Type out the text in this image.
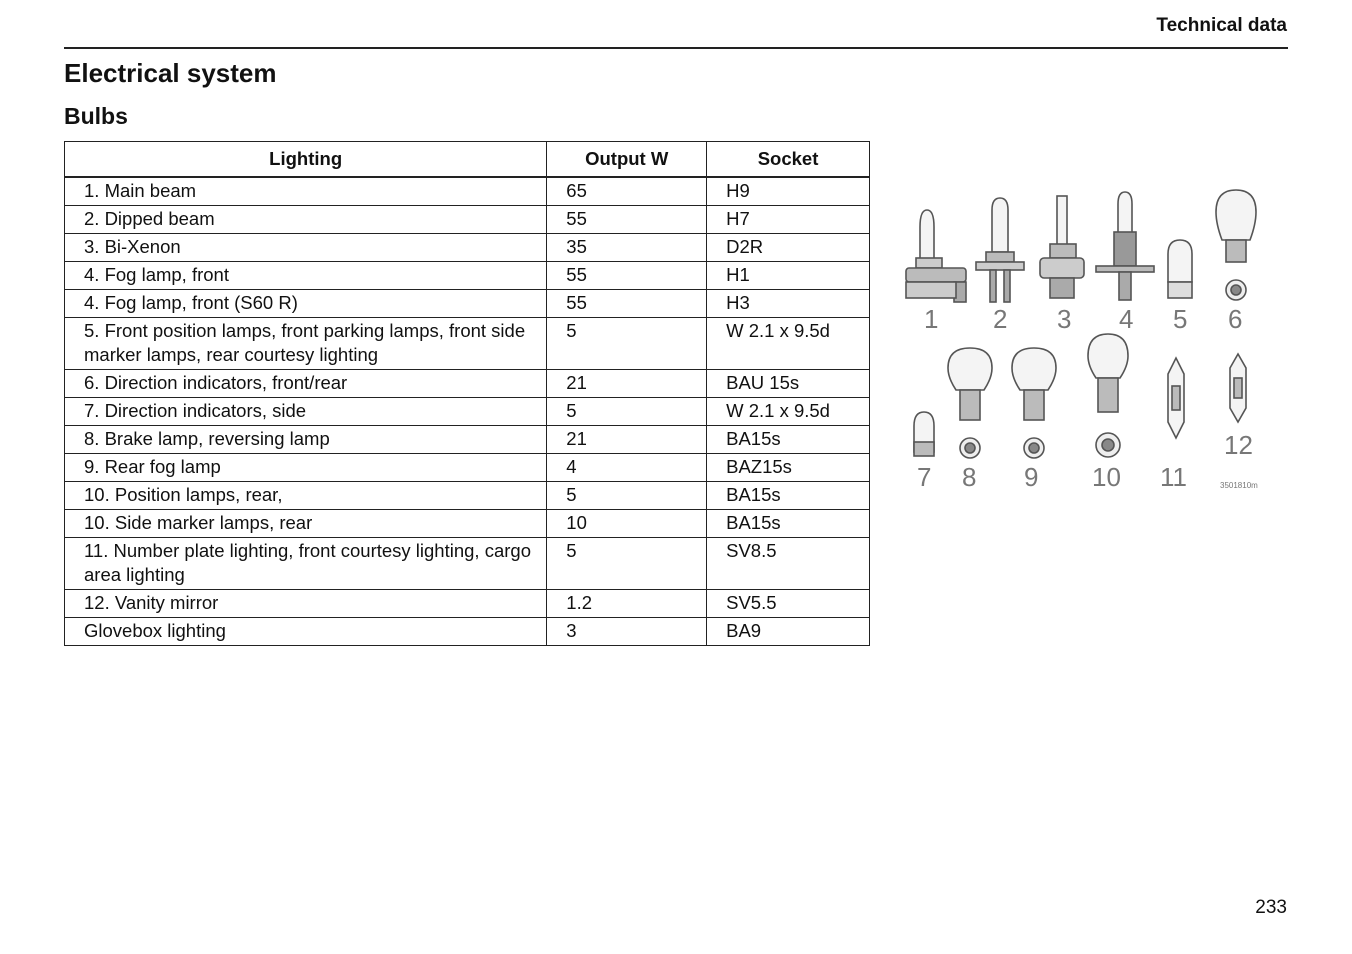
Technical data
Electrical system
Bulbs
Lighting	Output W	Socket
1. Main beam	65	H9
2. Dipped beam	55	H7
3. Bi-Xenon	35	D2R
4. Fog lamp, front	55	H1
4. Fog lamp, front (S60 R)	55	H3
5. Front position lamps, front parking lamps, front side marker lamps, rear courtesy lighting	5	W 2.1 x 9.5d
6. Direction indicators, front/rear	21	BAU 15s
7. Direction indicators, side	5	W 2.1 x 9.5d
8. Brake lamp, reversing lamp	21	BA15s
9. Rear fog lamp	4	BAZ15s
10. Position lamps, rear,	5	BA15s
10. Side marker lamps, rear	10	BA15s
11. Number plate lighting, front courtesy lighting, cargo area lighting	5	SV8.5
12. Vanity mirror	1.2	SV5.5
Glovebox lighting	3	BA9
1 2 3 4 5 6
7 8 9 10 11
12
3501810m
233
